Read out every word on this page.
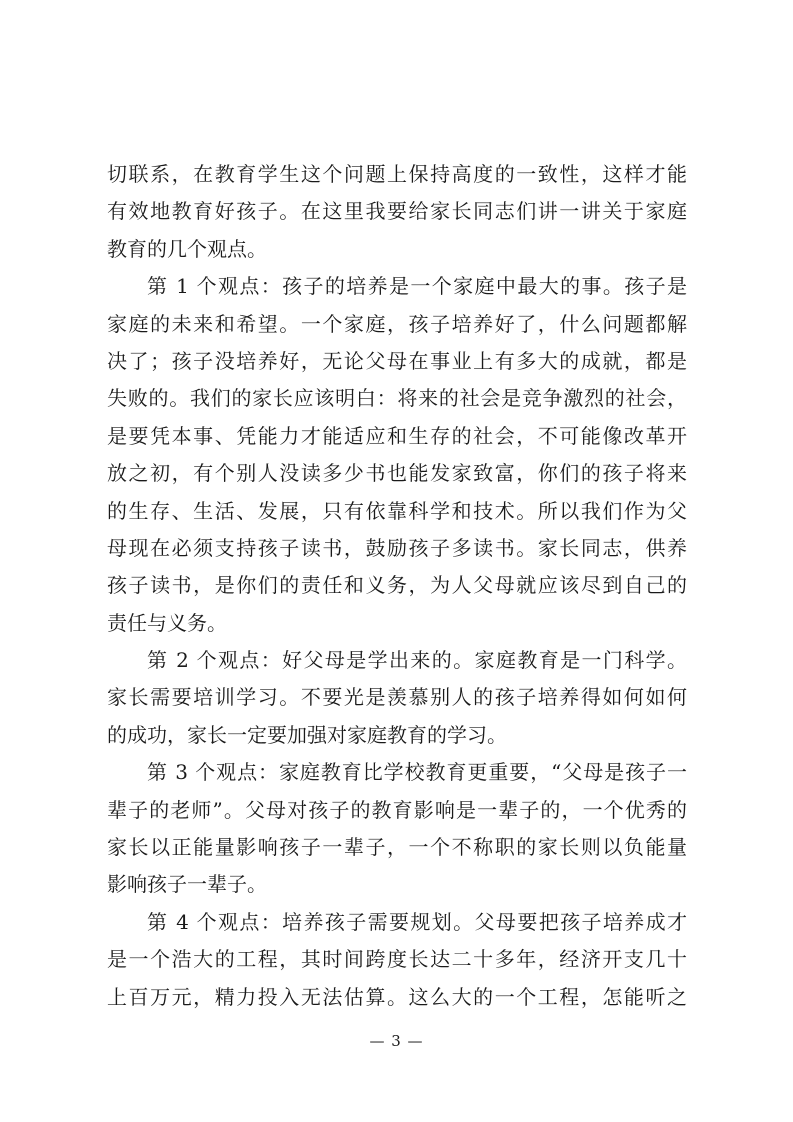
切联系，在教育学生这个问题上保持高度的一致性，这样才能
有效地教育好孩子。在这里我要给家长同志们讲一讲关于家庭
教育的几个观点。
第 1 个观点：孩子的培养是一个家庭中最大的事。孩子是
家庭的未来和希望。一个家庭，孩子培养好了，什么问题都解
决了；孩子没培养好，无论父母在事业上有多大的成就，都是
失败的。我们的家长应该明白：将来的社会是竞争激烈的社会，
是要凭本事、凭能力才能适应和生存的社会，不可能像改革开
放之初，有个别人没读多少书也能发家致富，你们的孩子将来
的生存、生活、发展，只有依靠科学和技术。所以我们作为父
母现在必须支持孩子读书，鼓励孩子多读书。家长同志，供养
孩子读书，是你们的责任和义务，为人父母就应该尽到自己的
责任与义务。
第 2 个观点：好父母是学出来的。家庭教育是一门科学。
家长需要培训学习。不要光是羡慕别人的孩子培养得如何如何
的成功，家长一定要加强对家庭教育的学习。
第 3 个观点：家庭教育比学校教育更重要，“父母是孩子一
辈子的老师”。父母对孩子的教育影响是一辈子的，一个优秀的
家长以正能量影响孩子一辈子，一个不称职的家长则以负能量
影响孩子一辈子。
第 4 个观点：培养孩子需要规划。父母要把孩子培养成才
是一个浩大的工程，其时间跨度长达二十多年，经济开支几十
上百万元，精力投入无法估算。这么大的一个工程，怎能听之
— 3 —
